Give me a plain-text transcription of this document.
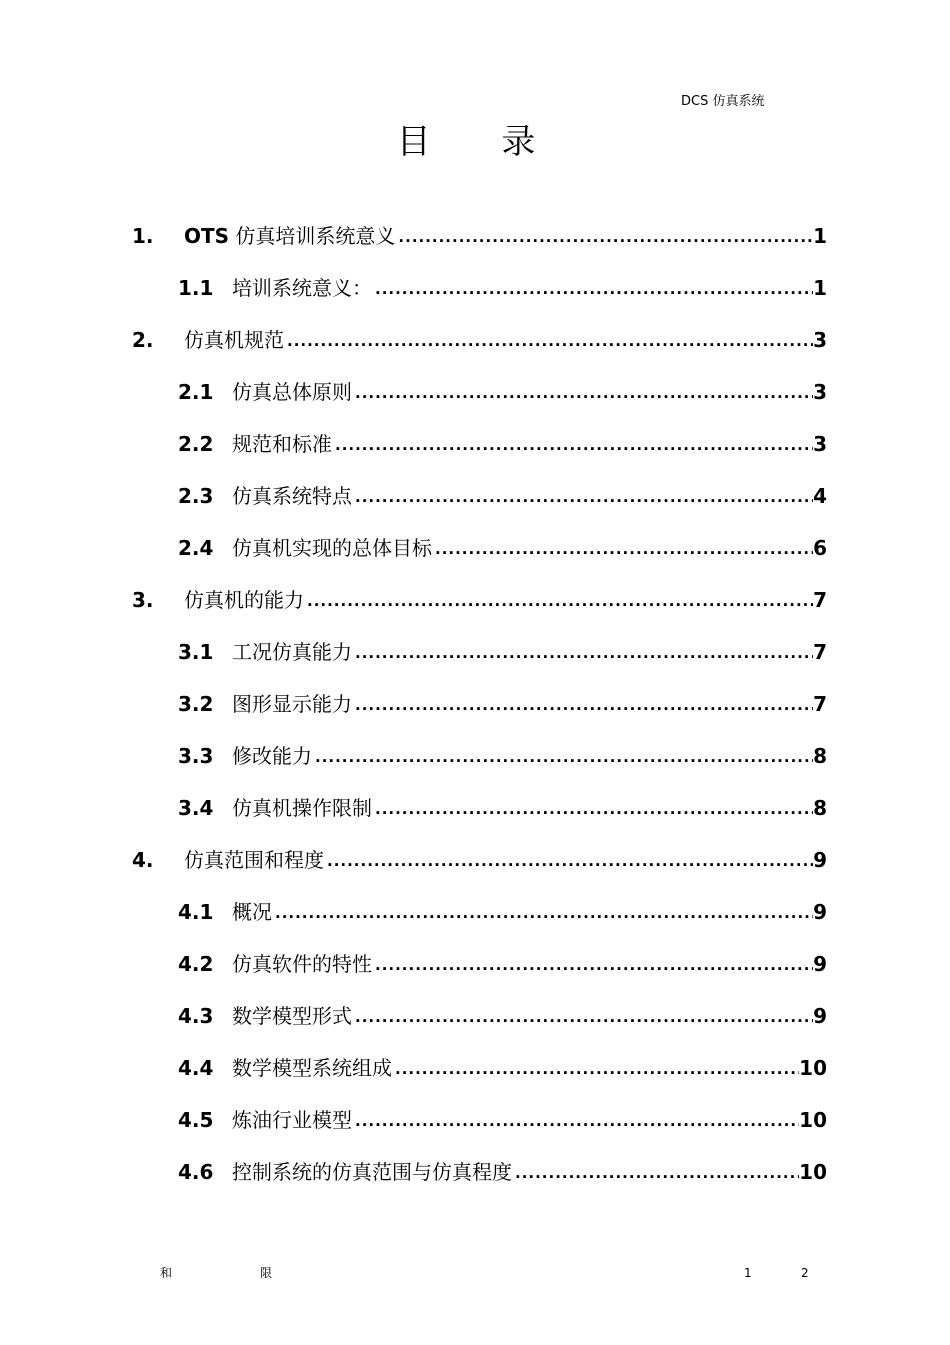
DCS 仿真系统
目 录
1.	OTS 仿真培训系统意义 .....	1
1.1 培训系统意义： .....	1
2.	仿真机规范 .....	3
2.1 仿真总体原则 .....	3
2.2 规范和标准 .....	3
2.3 仿真系统特点 .....	4
2.4 仿真机实现的总体目标 .....	6
3.	仿真机的能力 .....	7
3.1 工况仿真能力 .....	7
3.2 图形显示能力 .....	7
3.3 修改能力 .....	8
3.4 仿真机操作限制 .....	8
4.	仿真范围和程度 .....	9
4.1 概况 .....	9
4.2 仿真软件的特性 .....	9
4.3 数学模型形式 .....	9
4.4 数学模型系统组成 .....	10
4.5 炼油行业模型 .....	10
4.6 控制系统的仿真范围与仿真程度 .....	10
和	限	1	2
